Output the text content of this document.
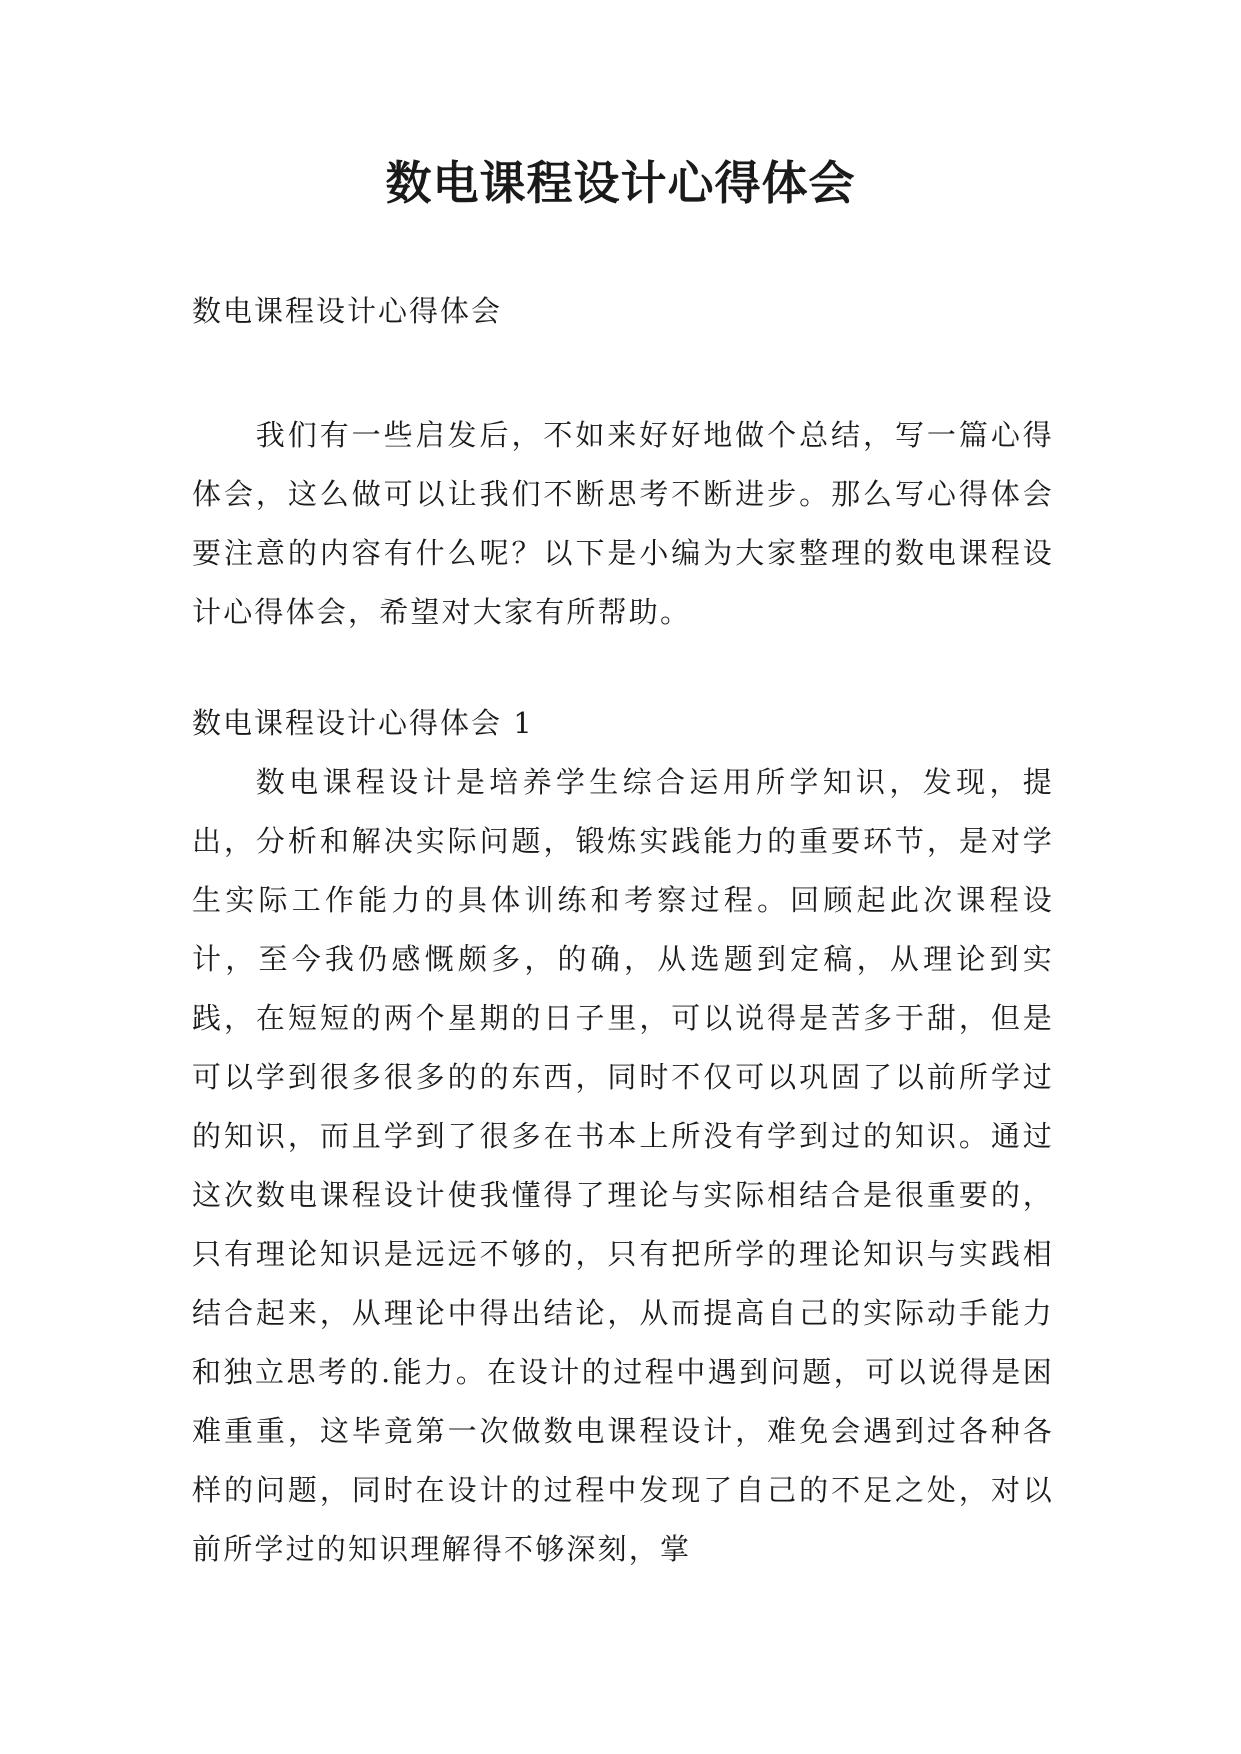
数电课程设计心得体会

数电课程设计心得体会

我们有一些启发后，不如来好好地做个总结，写一篇心得体会，这么做可以让我们不断思考不断进步。那么写心得体会要注意的内容有什么呢？以下是小编为大家整理的数电课程设计心得体会，希望对大家有所帮助。

数电课程设计心得体会 1

数电课程设计是培养学生综合运用所学知识，发现，提出，分析和解决实际问题，锻炼实践能力的重要环节，是对学生实际工作能力的具体训练和考察过程。回顾起此次课程设计，至今我仍感慨颇多，的确，从选题到定稿，从理论到实践，在短短的两个星期的日子里，可以说得是苦多于甜，但是可以学到很多很多的的东西，同时不仅可以巩固了以前所学过的知识，而且学到了很多在书本上所没有学到过的知识。通过这次数电课程设计使我懂得了理论与实际相结合是很重要的，只有理论知识是远远不够的，只有把所学的理论知识与实践相结合起来，从理论中得出结论，从而提高自己的实际动手能力和独立思考的.能力。在设计的过程中遇到问题，可以说得是困难重重，这毕竟第一次做数电课程设计，难免会遇到过各种各样的问题，同时在设计的过程中发现了自己的不足之处，对以前所学过的知识理解得不够深刻，掌
